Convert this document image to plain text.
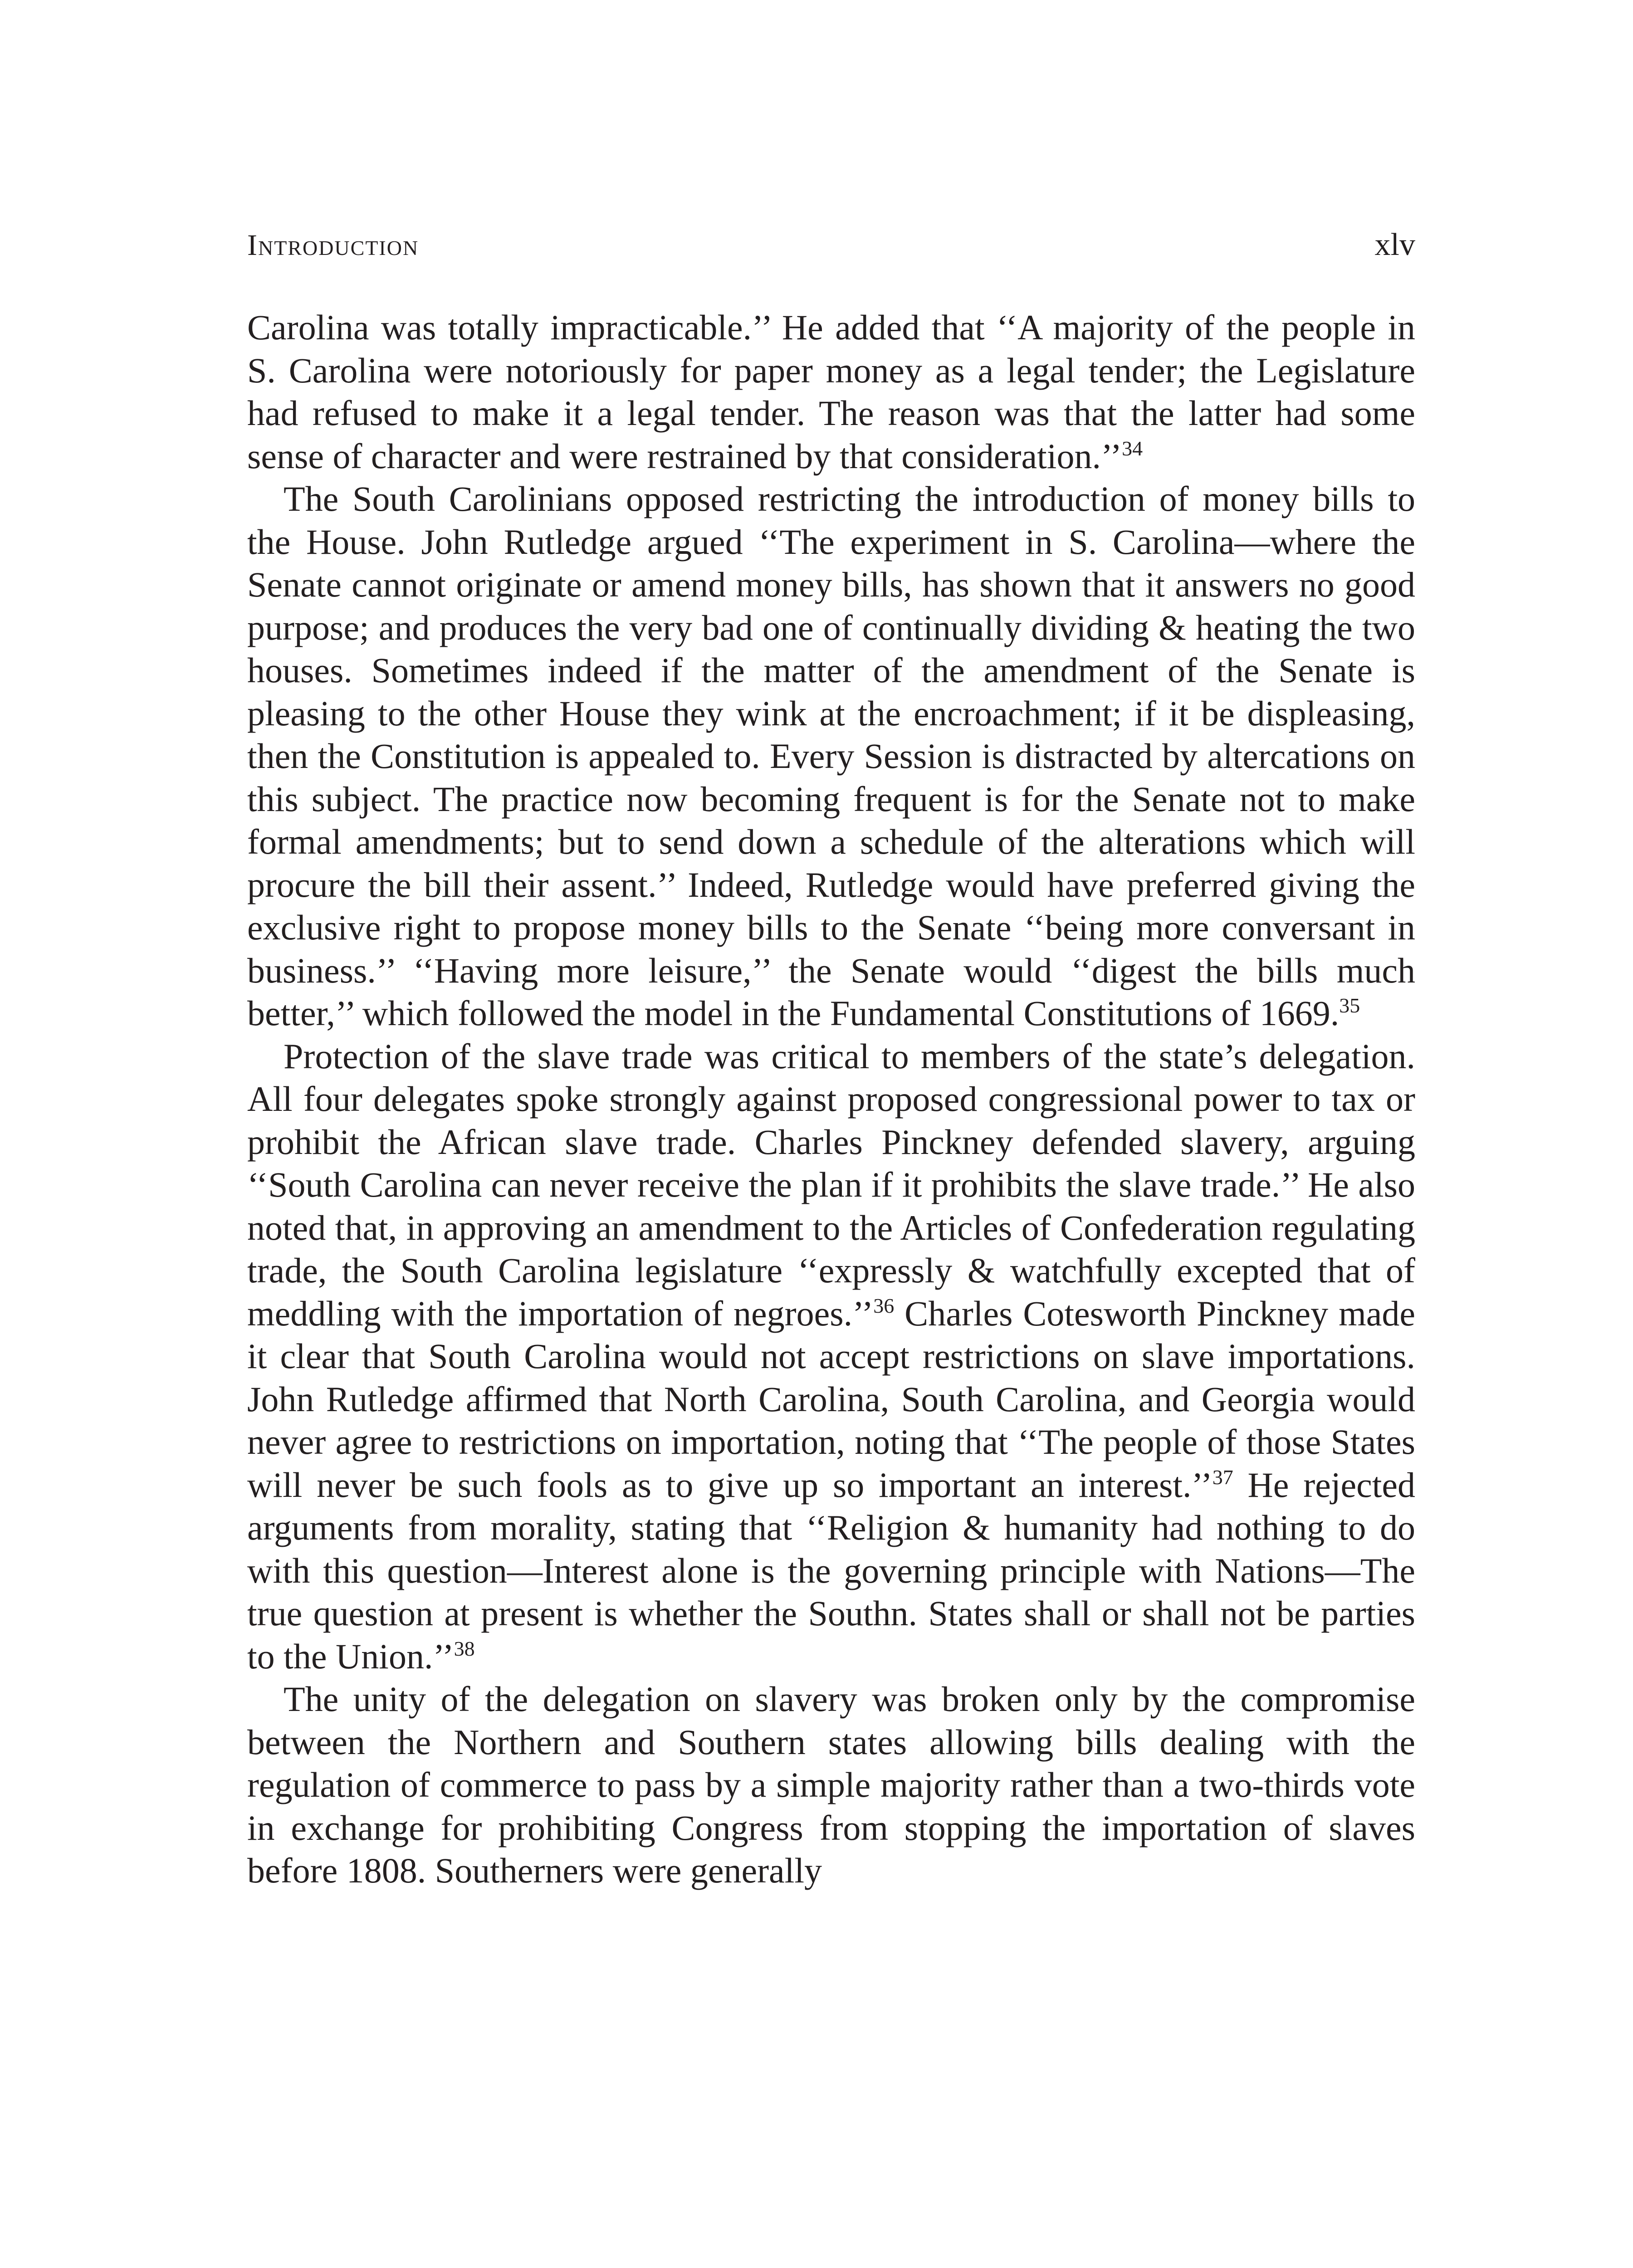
Introduction	xlv

Carolina was totally impracticable.’’ He added that ‘‘A majority of the people in S. Carolina were notoriously for paper money as a legal tender; the Legislature had refused to make it a legal tender. The reason was that the latter had some sense of character and were restrained by that consideration.’’$^{34}$

The South Carolinians opposed restricting the introduction of money bills to the House. John Rutledge argued ‘‘The experiment in S. Carolina—where the Senate cannot originate or amend money bills, has shown that it answers no good purpose; and produces the very bad one of continually dividing & heating the two houses. Sometimes indeed if the matter of the amendment of the Senate is pleasing to the other House they wink at the encroachment; if it be displeasing, then the Constitution is appealed to. Every Session is distracted by altercations on this subject. The practice now becoming frequent is for the Senate not to make formal amendments; but to send down a schedule of the alterations which will procure the bill their assent.’’ Indeed, Rutledge would have preferred giving the exclusive right to propose money bills to the Senate ‘‘being more conversant in business.’’ ‘‘Having more leisure,’’ the Senate would ‘‘digest the bills much better,’’ which followed the model in the Fundamental Constitutions of 1669.35

Protection of the slave trade was critical to members of the state’s delegation. All four delegates spoke strongly against proposed congressional power to tax or prohibit the African slave trade. Charles Pinckney defended slavery, arguing ‘‘South Carolina can never receive the plan if it prohibits the slave trade.’’ He also noted that, in approving an amendment to the Articles of Confederation regulating trade, the South Carolina legislature ‘‘expressly & watchfully excepted that of meddling with the importation of negroes.’’$^{36}$ Charles Cotesworth Pinckney made it clear that South Carolina would not accept restrictions on slave importations. John Rutledge affirmed that North Carolina, South Carolina, and Georgia would never agree to restrictions on importation, noting that ‘‘The people of those States will never be such fools as to give up so important an interest.’’$^{37}$ He rejected arguments from morality, stating that ‘‘Religion & humanity had nothing to do with this question—Interest alone is the governing principle with Nations—The true question at present is whether the Southn. States shall or shall not be parties to the Union.’’$^{38}$

The unity of the delegation on slavery was broken only by the compromise between the Northern and Southern states allowing bills dealing with the regulation of commerce to pass by a simple majority rather than a two-thirds vote in exchange for prohibiting Congress from stopping the importation of slaves before 1808. Southerners were generally
